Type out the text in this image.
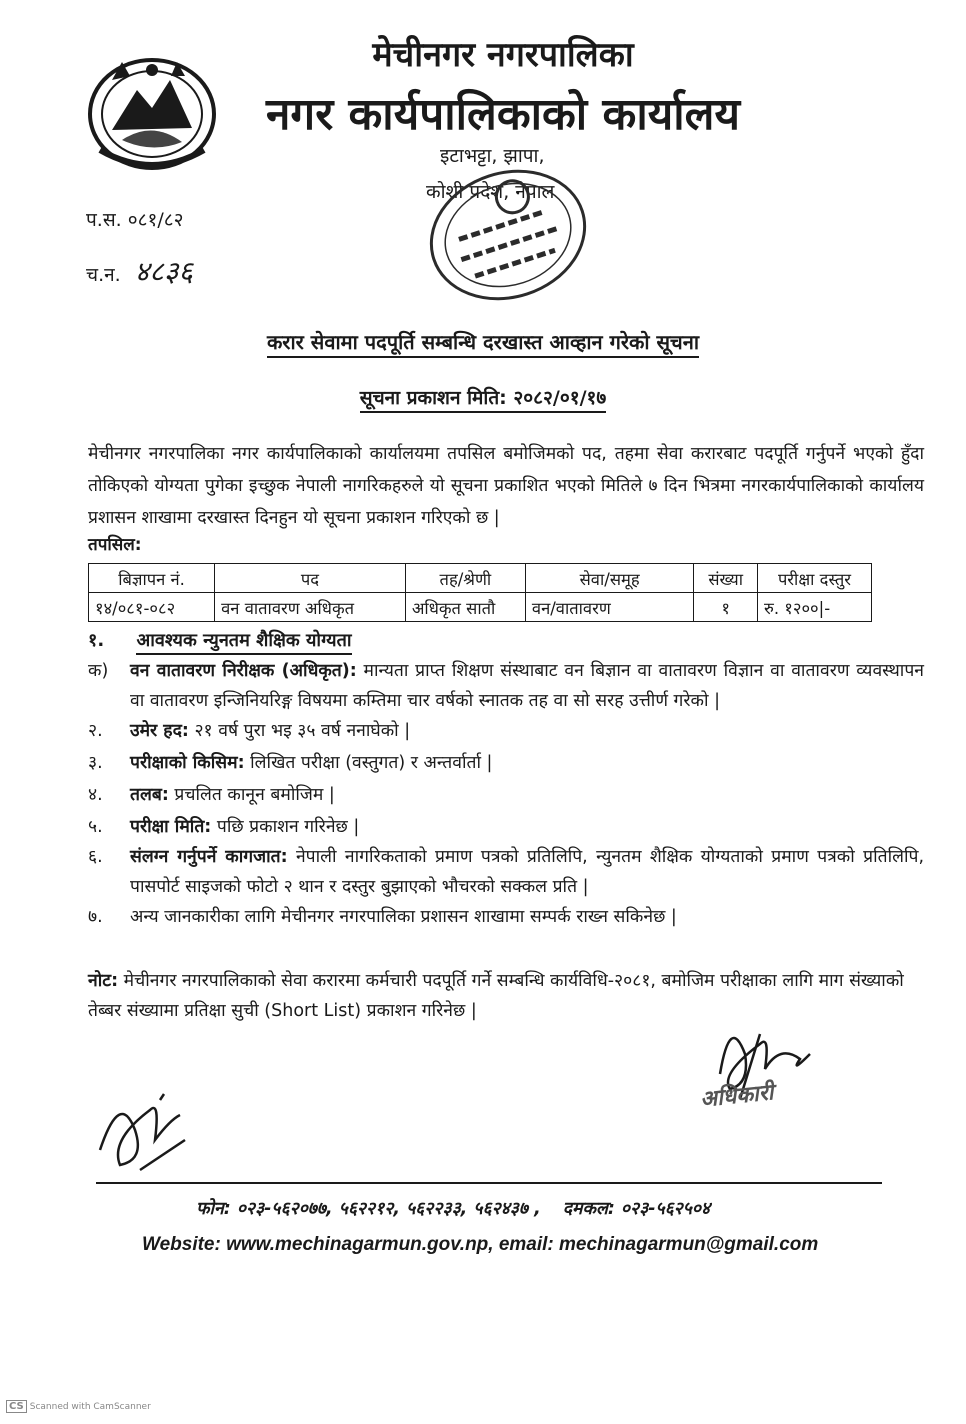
मेचीनगर नगरपालिका
नगर कार्यपालिकाको कार्यालय
इटाभट्टा, झापा,
कोशी प्रदेश, नेपाल
प.स. ०८१/८२
च.न. ४८३६
करार सेवामा पदपूर्ति सम्बन्धि दरखास्त आव्हान गरेको सूचना
सूचना प्रकाशन मिति: २०८२/०१/१७
मेचीनगर नगरपालिका नगर कार्यपालिकाको कार्यालयमा तपसिल बमोजिमको पद, तहमा सेवा करारबाट पदपूर्ति गर्नुपर्ने भएको हुँदा तोकिएको योग्यता पुगेका इच्छुक नेपाली नागरिकहरुले यो सूचना प्रकाशित भएको मितिले ७ दिन भित्रमा नगरकार्यपालिकाको कार्यालय प्रशासन शाखामा दरखास्त दिनहुन यो सूचना प्रकाशन गरिएको छ |
तपसिल:
बिज्ञापन नं.	पद	तह/श्रेणी	सेवा/समूह	संख्या	परीक्षा दस्तुर
१४/०८१-०८२	वन वातावरण अधिकृत	अधिकृत सातौ	वन/वातावरण	१	रु. १२००|-
१. आवश्यक न्युनतम शैक्षिक योग्यता
क)	वन वातावरण निरीक्षक (अधिकृत): मान्यता प्राप्त शिक्षण संस्थाबाट वन बिज्ञान वा वातावरण विज्ञान वा वातावरण व्यवस्थापन वा वातावरण इन्जिनियरिङ्ग विषयमा कम्तिमा चार वर्षको स्नातक तह वा सो सरह उत्तीर्ण गरेको |
२.	उमेर हद: २१ वर्ष पुरा भइ ३५ वर्ष ननाघेको |
३.	परीक्षाको किसिम: लिखित परीक्षा (वस्तुगत) र अन्तर्वार्ता |
४.	तलब: प्रचलित कानून बमोजिम |
५.	परीक्षा मिति: पछि प्रकाशन गरिनेछ |
६.	संलग्न गर्नुपर्ने कागजात: नेपाली नागरिकताको प्रमाण पत्रको प्रतिलिपि, न्युनतम शैक्षिक योग्यताको प्रमाण पत्रको प्रतिलिपि, पासपोर्ट साइजको फोटो २ थान र दस्तुर बुझाएको भौचरको सक्कल प्रति |
७.	अन्य जानकारीका लागि मेचीनगर नगरपालिका प्रशासन शाखामा सम्पर्क राख्न सकिनेछ |
नोट: मेचीनगर नगरपालिकाको सेवा करारमा कर्मचारी पदपूर्ति गर्ने सम्बन्धि कार्यविधि-२०८१, बमोजिम परीक्षाका लागि माग संख्याको तेब्बर संख्यामा प्रतिक्षा सुची (Short List) प्रकाशन गरिनेछ |
अधिकारी
फोन: ०२३-५६२०७७, ५६२२१२, ५६२२३३, ५६२४३७ , दमकल: ०२३-५६२५०४
Website: www.mechinagarmun.gov.np, email: mechinagarmun@gmail.com
CS Scanned with CamScanner
